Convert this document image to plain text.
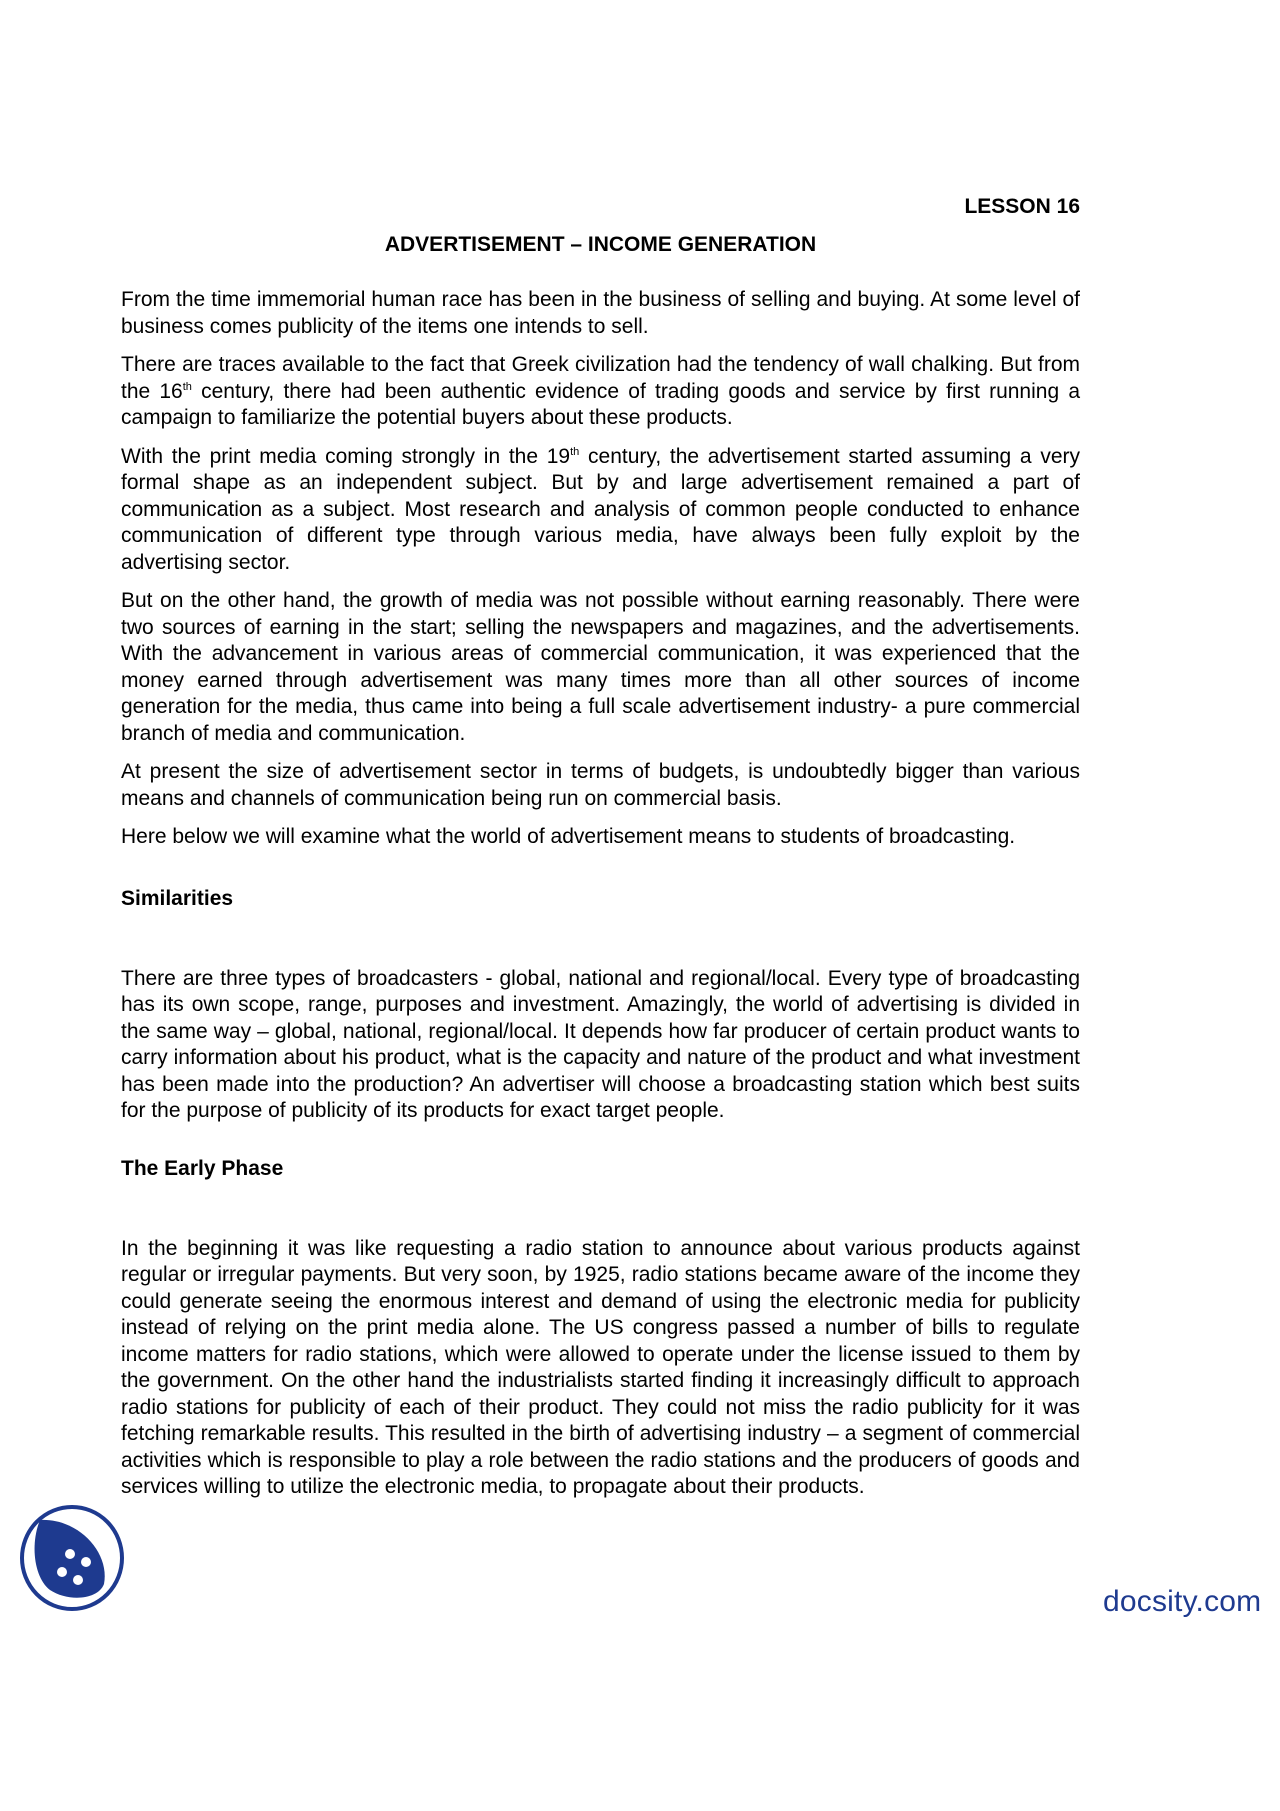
LESSON 16

ADVERTISEMENT – INCOME GENERATION

From the time immemorial human race has been in the business of selling and buying. At some level of business comes publicity of the items one intends to sell.

There are traces available to the fact that Greek civilization had the tendency of wall chalking. But from the 16th century, there had been authentic evidence of trading goods and service by first running a campaign to familiarize the potential buyers about these products.

With the print media coming strongly in the 19th century, the advertisement started assuming a very formal shape as an independent subject. But by and large advertisement remained a part of communication as a subject. Most research and analysis of common people conducted to enhance communication of different type through various media, have always been fully exploit by the advertising sector.

But on the other hand, the growth of media was not possible without earning reasonably. There were two sources of earning in the start; selling the newspapers and magazines, and the advertisements. With the advancement in various areas of commercial communication, it was experienced that the money earned through advertisement was many times more than all other sources of income generation for the media, thus came into being a full scale advertisement industry- a pure commercial branch of media and communication.

At present the size of advertisement sector in terms of budgets, is undoubtedly bigger than various means and channels of communication being run on commercial basis.

Here below we will examine what the world of advertisement means to students of broadcasting.

Similarities

There are three types of broadcasters - global, national and regional/local. Every type of broadcasting has its own scope, range, purposes and investment. Amazingly, the world of advertising is divided in the same way – global, national, regional/local. It depends how far producer of certain product wants to carry information about his product, what is the capacity and nature of the product and what investment has been made into the production? An advertiser will choose a broadcasting station which best suits for the purpose of publicity of its products for exact target people.

The Early Phase

In the beginning it was like requesting a radio station to announce about various products against regular or irregular payments. But very soon, by 1925, radio stations became aware of the income they could generate seeing the enormous interest and demand of using the electronic media for publicity instead of relying on the print media alone. The US congress passed a number of bills to regulate income matters for radio stations, which were allowed to operate under the license issued to them by the government. On the other hand the industrialists started finding it increasingly difficult to approach radio stations for publicity of each of their product. They could not miss the radio publicity for it was fetching remarkable results. This resulted in the birth of advertising industry – a segment of commercial activities which is responsible to play a role between the radio stations and the producers of goods and services willing to utilize the electronic media, to propagate about their products.

docsity.com
